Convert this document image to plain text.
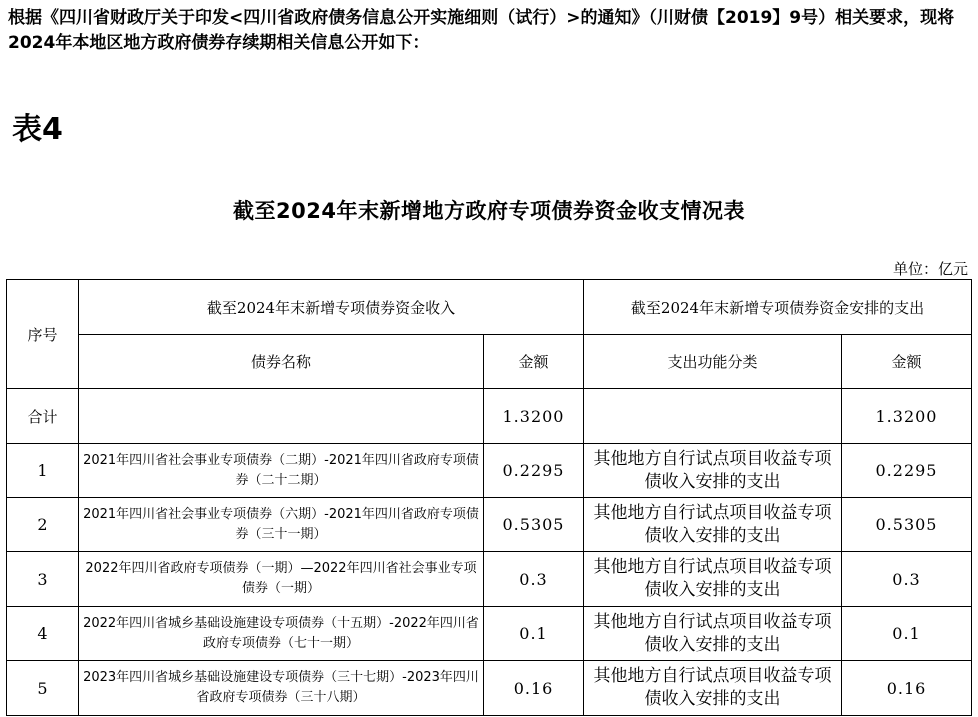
根据《四川省财政厅关于印发<四川省政府债务信息公开实施细则（试行）>的通知》（川财债【2019】9号）相关要求，现将2024年本地区地方政府债券存续期相关信息公开如下：
表4
截至2024年末新增地方政府专项债券资金收支情况表
单位：亿元
序号	截至2024年末新增专项债券资金收入		截至2024年末新增专项债券资金安排的支出	
	债券名称	金额	支出功能分类	金额
合计		1.3200		1.3200
1	2021年四川省社会事业专项债券（二期）-2021年四川省政府专项债券（二十二期）	0.2295	其他地方自行试点项目收益专项债收入安排的支出	0.2295
2	2021年四川省社会事业专项债券（六期）-2021年四川省政府专项债券（三十一期）	0.5305	其他地方自行试点项目收益专项债收入安排的支出	0.5305
3	2022年四川省政府专项债券（一期）—2022年四川省社会事业专项债券（一期）	0.3	其他地方自行试点项目收益专项债收入安排的支出	0.3
4	2022年四川省城乡基础设施建设专项债券（十五期）-2022年四川省政府专项债券（七十一期）	0.1	其他地方自行试点项目收益专项债收入安排的支出	0.1
5	2023年四川省城乡基础设施建设专项债券（三十七期）-2023年四川省政府专项债券（三十八期）	0.16	其他地方自行试点项目收益专项债收入安排的支出	0.16
